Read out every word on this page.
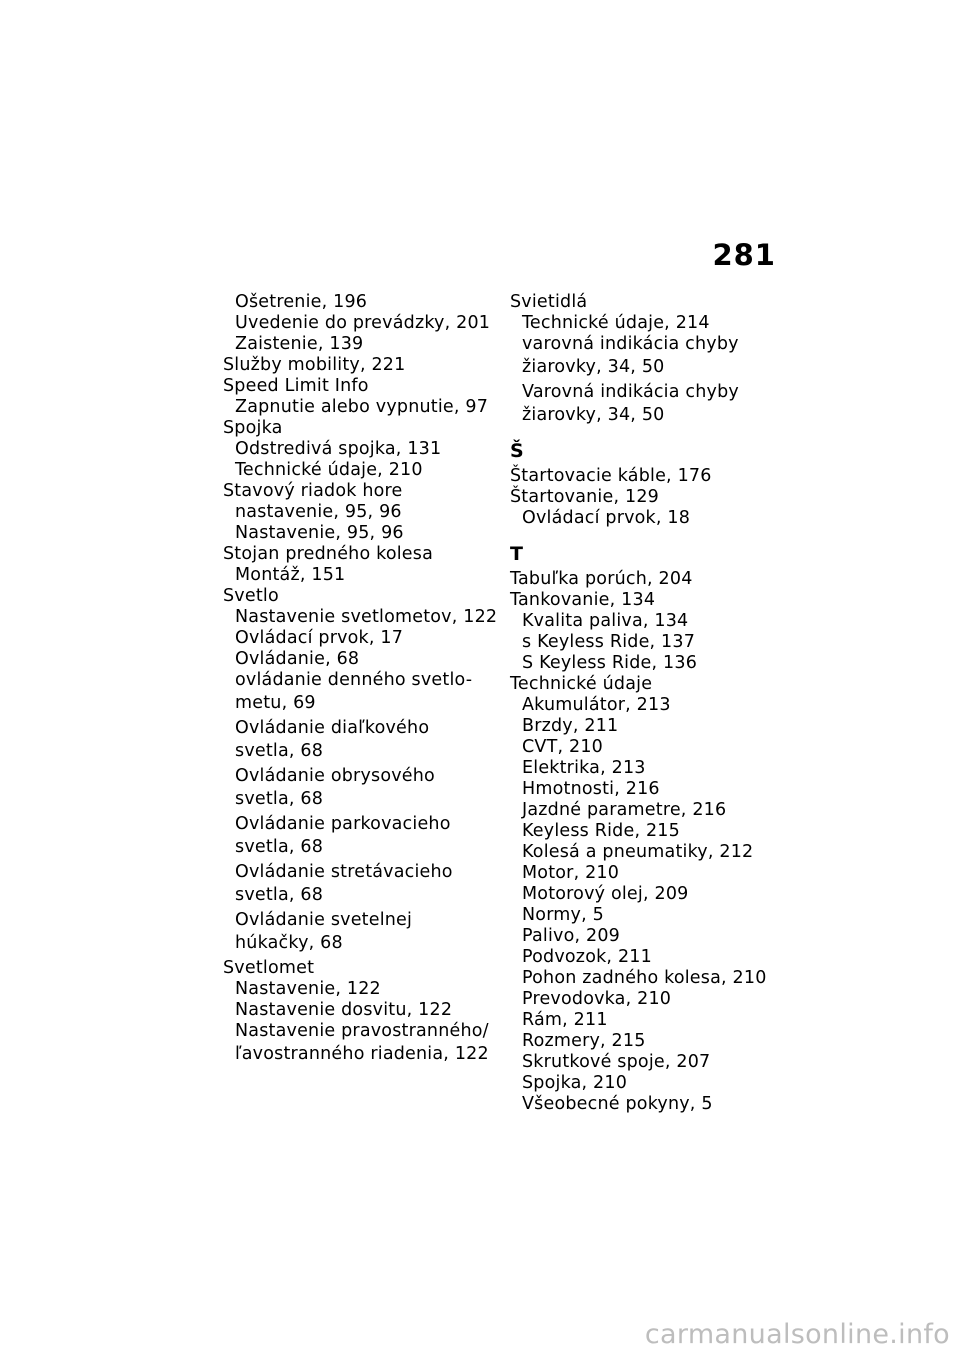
281
Ošetrenie, 196
Uvedenie do prevádzky, 201
Zaistenie, 139
Služby mobility, 221
Speed Limit Info
Zapnutie alebo vypnutie, 97
Spojka
Odstredivá spojka, 131
Technické údaje, 210
Stavový riadok hore
nastavenie, 95, 96
Nastavenie, 95, 96
Stojan predného kolesa
Montáž, 151
Svetlo
Nastavenie svetlometov, 122
Ovládací prvok, 17
Ovládanie, 68
ovládanie denného svetlo-
metu, 69
Ovládanie diaľkového
svetla, 68
Ovládanie obrysového
svetla, 68
Ovládanie parkovacieho
svetla, 68
Ovládanie stretávacieho
svetla, 68
Ovládanie svetelnej
húkačky, 68
Svetlomet
Nastavenie, 122
Nastavenie dosvitu, 122
Nastavenie pravostranného/
ľavostranného riadenia, 122
Svietidlá
Technické údaje, 214
varovná indikácia chyby
žiarovky, 34, 50
Varovná indikácia chyby
žiarovky, 34, 50
Š
Štartovacie káble, 176
Štartovanie, 129
Ovládací prvok, 18
T
Tabuľka porúch, 204
Tankovanie, 134
Kvalita paliva, 134
s Keyless Ride, 137
S Keyless Ride, 136
Technické údaje
Akumulátor, 213
Brzdy, 211
CVT, 210
Elektrika, 213
Hmotnosti, 216
Jazdné parametre, 216
Keyless Ride, 215
Kolesá a pneumatiky, 212
Motor, 210
Motorový olej, 209
Normy, 5
Palivo, 209
Podvozok, 211
Pohon zadného kolesa, 210
Prevodovka, 210
Rám, 211
Rozmery, 215
Skrutkové spoje, 207
Spojka, 210
Všeobecné pokyny, 5
carmanualsonline.info
